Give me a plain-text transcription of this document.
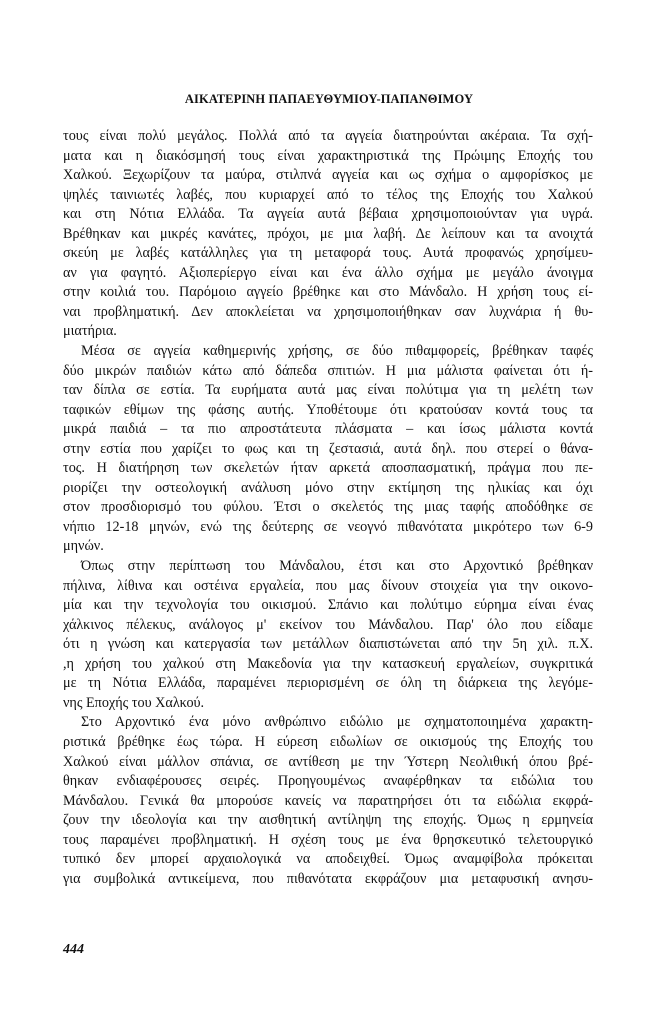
ΑΙΚΑΤΕΡΙΝΗ ΠΑΠΑΕΥΘΥΜΙΟΥ-ΠΑΠΑΝΘΙΜΟΥ
τους είναι πολύ μεγάλος. Πολλά από τα αγγεία διατηρούνται ακέραια. Τα σχή-
ματα και η διακόσμησή τους είναι χαρακτηριστικά της Πρώιμης Εποχής του
Χαλκού. Ξεχωρίζουν τα μαύρα, στιλπνά αγγεία και ως σχήμα ο αμφορίσκος με
ψηλές ταινιωτές λαβές, που κυριαρχεί από το τέλος της Εποχής του Χαλκού
και στη Νότια Ελλάδα. Τα αγγεία αυτά βέβαια χρησιμοποιούνταν για υγρά.
Βρέθηκαν και μικρές κανάτες, πρόχοι, με μια λαβή. Δε λείπουν και τα ανοιχτά
σκεύη με λαβές κατάλληλες για τη μεταφορά τους. Αυτά προφανώς χρησίμευ-
αν για φαγητό. Αξιοπερίεργο είναι και ένα άλλο σχήμα με μεγάλο άνοιγμα
στην κοιλιά του. Παρόμοιο αγγείο βρέθηκε και στο Μάνδαλο. Η χρήση τους εί-
ναι προβληματική. Δεν αποκλείεται να χρησιμοποιήθηκαν σαν λυχνάρια ή θυ-
μιατήρια.
Μέσα σε αγγεία καθημερινής χρήσης, σε δύο πιθαμφορείς, βρέθηκαν ταφές
δύο μικρών παιδιών κάτω από δάπεδα σπιτιών. Η μια μάλιστα φαίνεται ότι ή-
ταν δίπλα σε εστία. Τα ευρήματα αυτά μας είναι πολύτιμα για τη μελέτη των
ταφικών εθίμων της φάσης αυτής. Υποθέτουμε ότι κρατούσαν κοντά τους τα
μικρά παιδιά – τα πιο απροστάτευτα πλάσματα – και ίσως μάλιστα κοντά
στην εστία που χαρίζει το φως και τη ζεστασιά, αυτά δηλ. που στερεί ο θάνα-
τος. Η διατήρηση των σκελετών ήταν αρκετά αποσπασματική, πράγμα που πε-
ριορίζει την οστεολογική ανάλυση μόνο στην εκτίμηση της ηλικίας και όχι
στον προσδιορισμό του φύλου. Έτσι ο σκελετός της μιας ταφής αποδόθηκε σε
νήπιο 12-18 μηνών, ενώ της δεύτερης σε νεογνό πιθανότατα μικρότερο των 6-9
μηνών.
Όπως στην περίπτωση του Μάνδαλου, έτσι και στο Αρχοντικό βρέθηκαν
πήλινα, λίθινα και οστέινα εργαλεία, που μας δίνουν στοιχεία για την οικονο-
μία και την τεχνολογία του οικισμού. Σπάνιο και πολύτιμο εύρημα είναι ένας
χάλκινος πέλεκυς, ανάλογος μ' εκείνον του Μάνδαλου. Παρ' όλο που είδαμε
ότι η γνώση και κατεργασία των μετάλλων διαπιστώνεται από την 5η χιλ. π.Χ.
,η χρήση του χαλκού στη Μακεδονία για την κατασκευή εργαλείων, συγκριτικά
με τη Νότια Ελλάδα, παραμένει περιορισμένη σε όλη τη διάρκεια της λεγόμε-
νης Εποχής του Χαλκού.
Στο Αρχοντικό ένα μόνο ανθρώπινο ειδώλιο με σχηματοποιημένα χαρακτη-
ριστικά βρέθηκε έως τώρα. Η εύρεση ειδωλίων σε οικισμούς της Εποχής του
Χαλκού είναι μάλλον σπάνια, σε αντίθεση με την Ύστερη Νεολιθική όπου βρέ-
θηκαν ενδιαφέρουσες σειρές. Προηγουμένως αναφέρθηκαν τα ειδώλια του
Μάνδαλου. Γενικά θα μπορούσε κανείς να παρατηρήσει ότι τα ειδώλια εκφρά-
ζουν την ιδεολογία και την αισθητική αντίληψη της εποχής. Όμως η ερμηνεία
τους παραμένει προβληματική. Η σχέση τους με ένα θρησκευτικό τελετουργικό
τυπικό δεν μπορεί αρχαιολογικά να αποδειχθεί. Όμως αναμφίβολα πρόκειται
για συμβολικά αντικείμενα, που πιθανότατα εκφράζουν μια μεταφυσική ανησυ-
444
